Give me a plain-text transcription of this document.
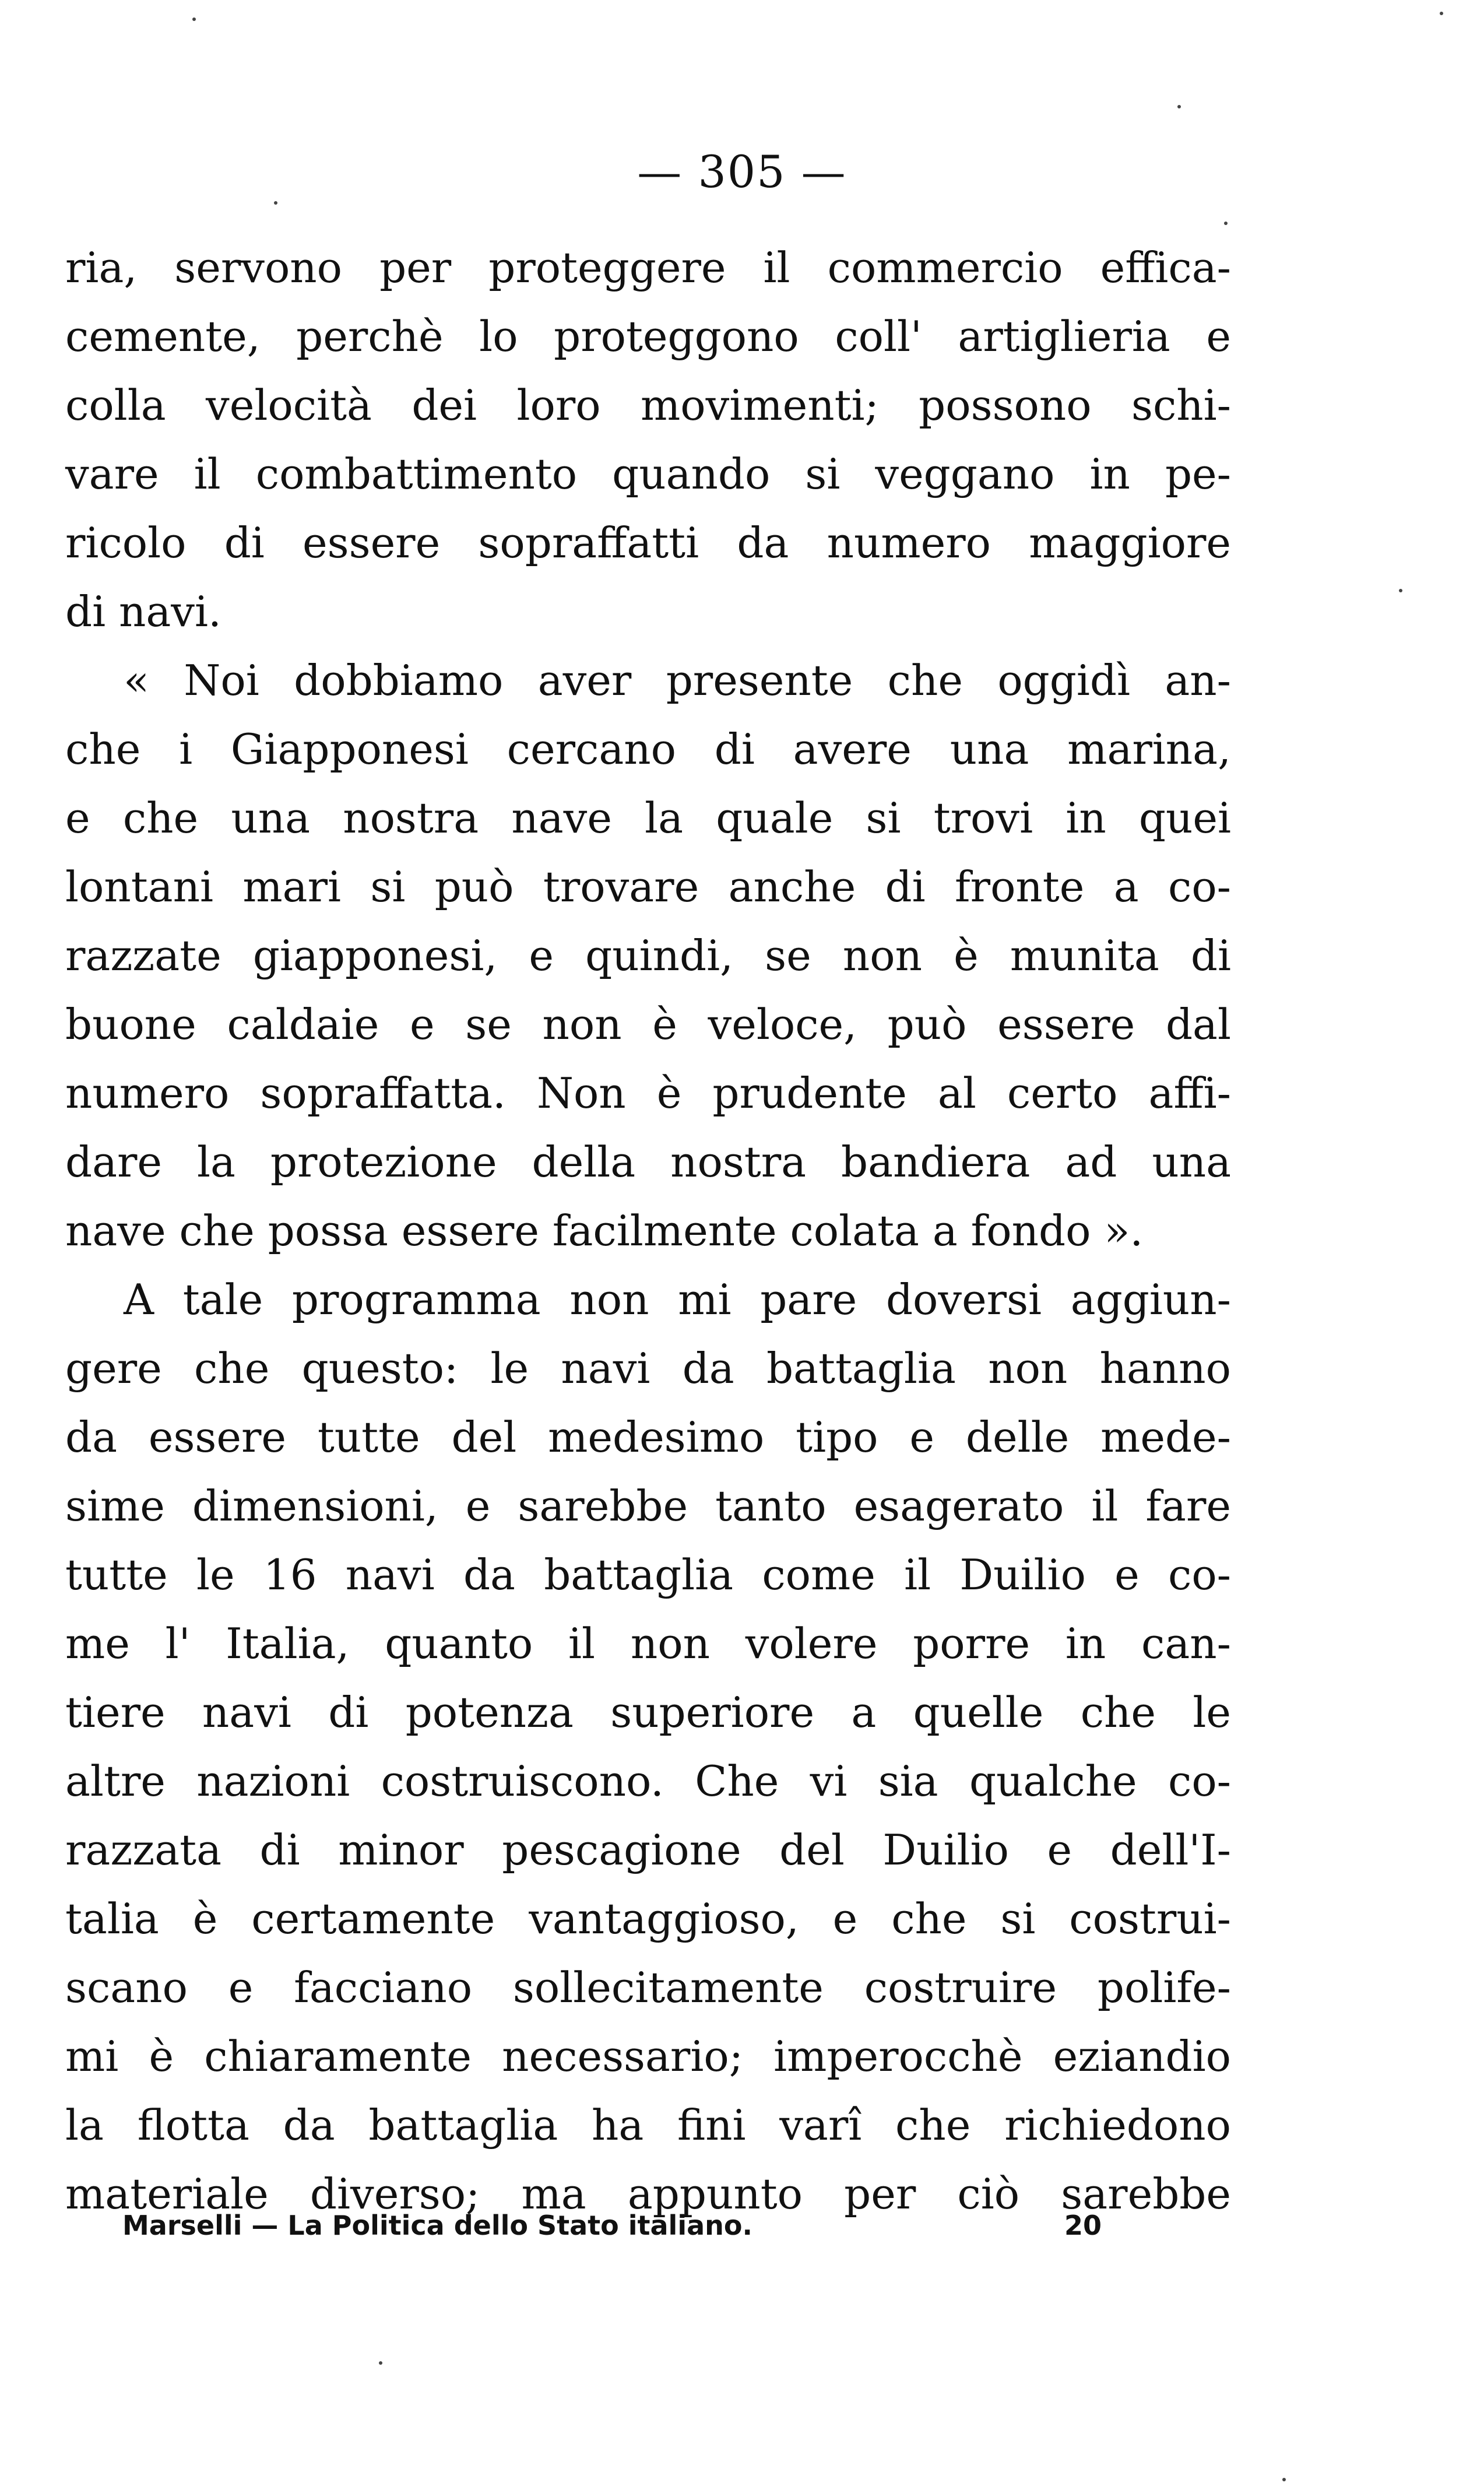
— 305 —
ria, servono per proteggere il commercio effica-
cemente, perchè lo proteggono coll' artiglieria e
colla velocità dei loro movimenti; possono schi-
vare il combattimento quando si veggano in pe-
ricolo di essere sopraffatti da numero maggiore
di navi.
« Noi dobbiamo aver presente che oggidì an-
che i Giapponesi cercano di avere una marina,
e che una nostra nave la quale si trovi in quei
lontani mari si può trovare anche di fronte a co-
razzate giapponesi, e quindi, se non è munita di
buone caldaie e se non è veloce, può essere dal
numero sopraffatta. Non è prudente al certo affi-
dare la protezione della nostra bandiera ad una
nave che possa essere facilmente colata a fondo ».
A tale programma non mi pare doversi aggiun-
gere che questo: le navi da battaglia non hanno
da essere tutte del medesimo tipo e delle mede-
sime dimensioni, e sarebbe tanto esagerato il fare
tutte le 16 navi da battaglia come il Duilio e co-
me l' Italia, quanto il non volere porre in can-
tiere navi di potenza superiore a quelle che le
altre nazioni costruiscono. Che vi sia qualche co-
razzata di minor pescagione del Duilio e dell'I-
talia è certamente vantaggioso, e che si costrui-
scano e facciano sollecitamente costruire polife-
mi è chiaramente necessario; imperocchè eziandio
la flotta da battaglia ha fini varî che richiedono
materiale diverso; ma appunto per ciò sarebbe
Marselli — La Politica dello Stato italiano.	20
